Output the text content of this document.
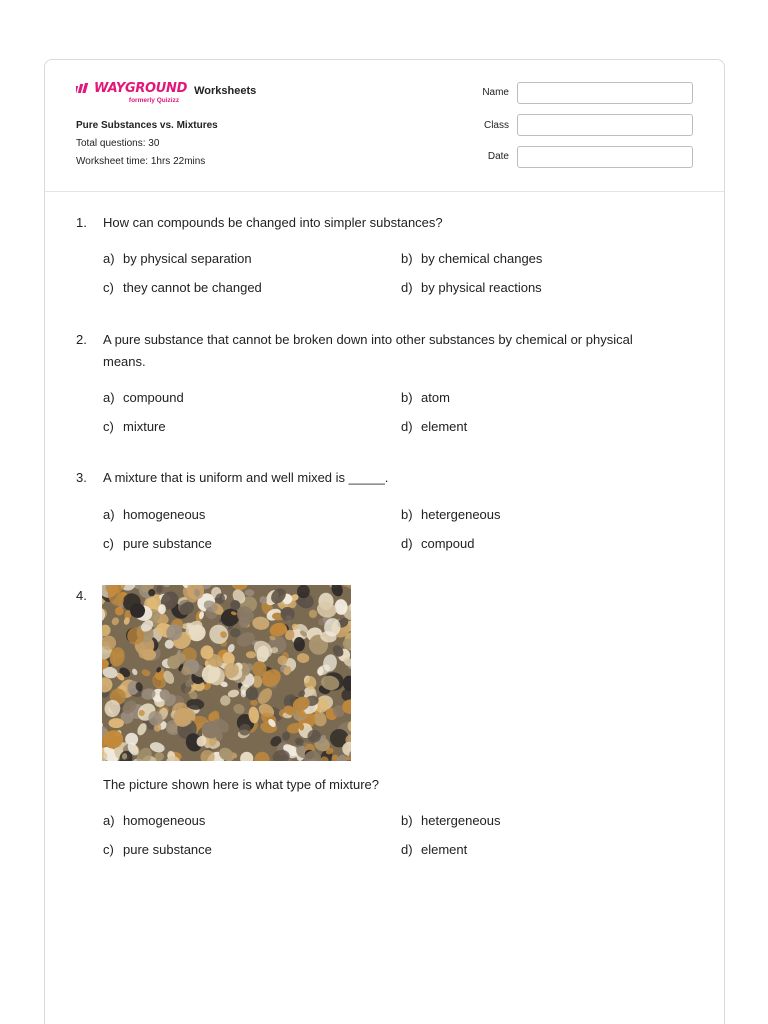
WAYGROUND
formerly Quizizz
Worksheets
Pure Substances vs. Mixtures
Total questions: 30
Worksheet time: 1hrs 22mins
Name
Class
Date
1.	How can compounds be changed into simpler substances?
a) by physical separation	b) by chemical changes
c) they cannot be changed	d) by physical reactions
2.	A pure substance that cannot be broken down into other substances by chemical or physical means.
a) compound	b) atom
c) mixture	d) element
3.	A mixture that is uniform and well mixed is _____.
a) homogeneous	b) hetergeneous
c) pure substance	d) compoud
4.
The picture shown here is what type of mixture?
a) homogeneous	b) hetergeneous
c) pure substance	d) element
